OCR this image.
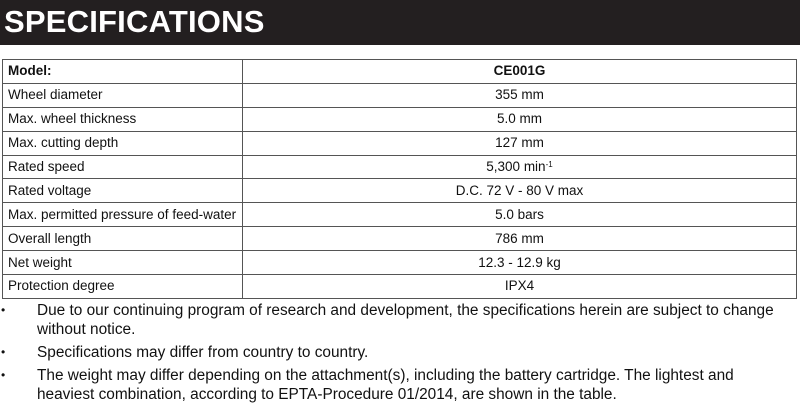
SPECIFICATIONS
Model:	CE001G
Wheel diameter	355 mm
Max. wheel thickness	5.0 mm
Max. cutting depth	127 mm
Rated speed	5,300 $\min^{-1}$
Rated voltage	D.C. 72 V - 80 V max
Max. permitted pressure of feed-water	5.0 bars
Overall length	786 mm
Net weight	12.3 - 12.9 kg
Protection degree	IPX4
• Due to our continuing program of research and development, the specifications herein are subject to change without notice.
• Specifications may differ from country to country.
• The weight may differ depending on the attachment(s), including the battery cartridge. The lightest and heaviest combination, according to EPTA-Procedure 01/2014, are shown in the table.
